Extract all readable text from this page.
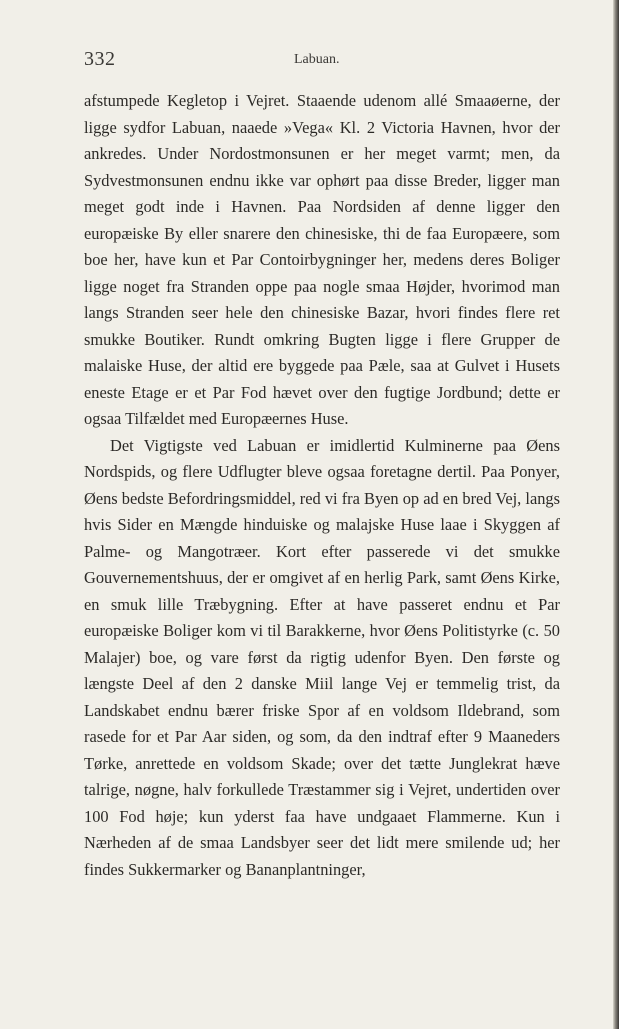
332	Labuan.

afstumpede Kegletop i Vejret. Staaende udenom allé Smaaøerne, der ligge sydfor Labuan, naaede »Vega« Kl. 2 Victoria Havnen, hvor der ankredes. Under Nordostmonsunen er her meget varmt; men, da Sydvestmonsunen endnu ikke var ophørt paa disse Breder, ligger man meget godt inde i Havnen. Paa Nordsiden af denne ligger den europæiske By eller snarere den chinesiske, thi de faa Europæere, som boe her, have kun et Par Contoirbygninger her, medens deres Boliger ligge noget fra Stranden oppe paa nogle smaa Højder, hvorimod man langs Stranden seer hele den chinesiske Bazar, hvori findes flere ret smukke Boutiker. Rundt omkring Bugten ligge i flere Grupper de malaiske Huse, der altid ere byggede paa Pæle, saa at Gulvet i Husets eneste Etage er et Par Fod hævet over den fugtige Jordbund; dette er ogsaa Tilfældet med Europæernes Huse.

Det Vigtigste ved Labuan er imidlertid Kulminerne paa Øens Nordspids, og flere Udflugter bleve ogsaa foretagne dertil. Paa Ponyer, Øens bedste Befordringsmiddel, red vi fra Byen op ad en bred Vej, langs hvis Sider en Mængde hinduiske og malajske Huse laae i Skyggen af Palme- og Mangotræer. Kort efter passerede vi det smukke Gouvernementshuus, der er omgivet af en herlig Park, samt Øens Kirke, en smuk lille Træbygning. Efter at have passeret endnu et Par europæiske Boliger kom vi til Barakkerne, hvor Øens Politistyrke (c. 50 Malajer) boe, og vare først da rigtig udenfor Byen. Den første og længste Deel af den 2 danske Miil lange Vej er temmelig trist, da Landskabet endnu bærer friske Spor af en voldsom Ildebrand, som rasede for et Par Aar siden, og som, da den indtraf efter 9 Maaneders Tørke, anrettede en voldsom Skade; over det tætte Junglekrat hæve talrige, nøgne, halv forkullede Træstammer sig i Vejret, undertiden over 100 Fod høje; kun yderst faa have undgaaet Flammerne. Kun i Nærheden af de smaa Landsbyer seer det lidt mere smilende ud; her findes Sukkermarker og Bananplantninger,
